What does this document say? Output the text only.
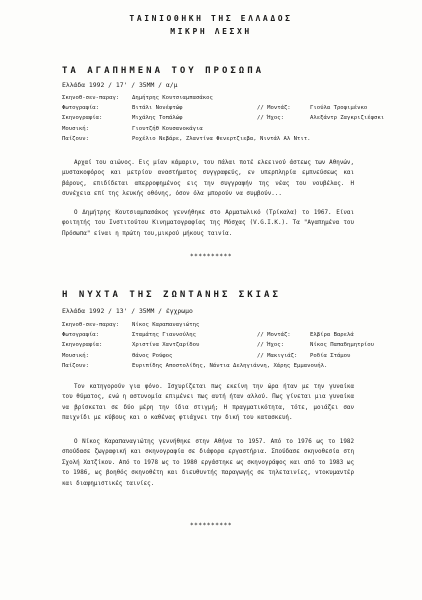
ΤΑΙΝΙΟΘΗΚΗ ΤΗΣ ΕΛΛΑΔΟΣ
ΜΙΚΡΗ ΛΕΣΧΗ
ΤΑ ΑΓΑΠΗΜΕΝΑ ΤΟΥ ΠΡΟΣΩΠΑ
Ελλάδα 1992 / 17' / 35ΜΜ / α/μ
Σκηνοθ-σεν-παραγ: Δημήτρης Κουτσιαμπασάκος
Φωτογραφία:	Βιτάλι Νονέφτώφ	// Μοντάζ:	Γιούλα Τροφιμένκο
Σκηνογραφία:	Μιχάλης Τοπάλώφ	// Ήχος:	Αλεξάντρ Ζαγκριζιέφσκι
Μουσική:	Γιουτζήθ Κουσανοκάγια
Παίζουν:	Ρoχέλιο Νεβάρε, Ζλαντίνα Φενερτζιεβα, Νιντάλ Αλ Ντιτ.

Αρχαί του αιώνος. Εις μίαν κάμαριν, του πάλαι ποτέ ελεεινού άστεως των Αθηνών, μυστακοφόρος και μετρίου αναστήματος συγγραφεύς, εν υπερπληρία εμπνεύσεως και βάρους, επιδίδεται απερροφημένος εις την συγγραφήν της νέας του νουβέλας. Η συνέχεια επί της λευκής οθόνης, όσον όλα μπορούν να συμβούν...

Ο Δημήτρης Κουτσιαμπασάκος γεννήθηκε στο Αρματωλικό (Τρίκαλα) το 1967. Είναι φοιτητής του Ινστιτούτου Κινηματογραφίας της Μόσχας (V.G.I.K.). Τα "Αγαπημένα του Πρόσωπα" είναι η πρώτη του,μικρού μήκους ταινία.

**********
Η ΝΥΧΤΑ ΤΗΣ ΖΩΝΤΑΝΗΣ ΣΚΙΑΣ
Ελλάδα 1992 / 13' / 35ΜΜ / έγχρωμο
Σκηνοθ-σεν-παραγ: Νίκος Καραπαναγιώτης
Φωτογραφία:	Σταμάτης Γιαννούλης	// Μοντάζ:	Ελβίρα Βαρελά
Σκηνογραφία:	Χριστίνα Χαντζαρίδου	// Ήχος:	Νίκος Παπαδημητρίου
Μουσική:	Θάνος Ρούφος	// Μακιγιάζ: Ροδία Στάμου
Παίζουν:	Ευριπίδης Αποστολίδης, Νάντια Δεληγιάννη, Χάρης Εμμανουήλ.

Τον κατηγορούν για φόνο. Ισχυρίζεται πως εκείνη την ώρα ήταν με την γυναίκα του θύματος, ενώ η αστυνομία επιμένει πως αυτή ήταν αλλού. Πως γίνεται μια γυναίκα να βρίσκεται σε δύο μέρη την ίδια στιγμή; Η πραγματικότητα, τότε, μοιάζει σαν παιχνίδι με κύβους και ο καθένας φτιάχνει την δική του κατασκευή.

Ο Νίκος Καραπαναγιώτης γεννήθηκε στην Αθήνα το 1957. Από το 1976 ως το 1982 σπούδασε ζωγραφική και σκηνογραφία σε διάφορα εργαστήρια. Σπούδασε σκηνοθεσία στη Σχολή Χατζίκου. Από το 1978 ως το 1980 εργάστηκε ως σκηνογράφος και από το 1983 ως το 1986, ως βοηθός σκηνοθέτη και διευθυντής παραγωγής σε τηλεταινίες, ντοκυμαντέρ και διαφημιστικές ταινίες.

**********
